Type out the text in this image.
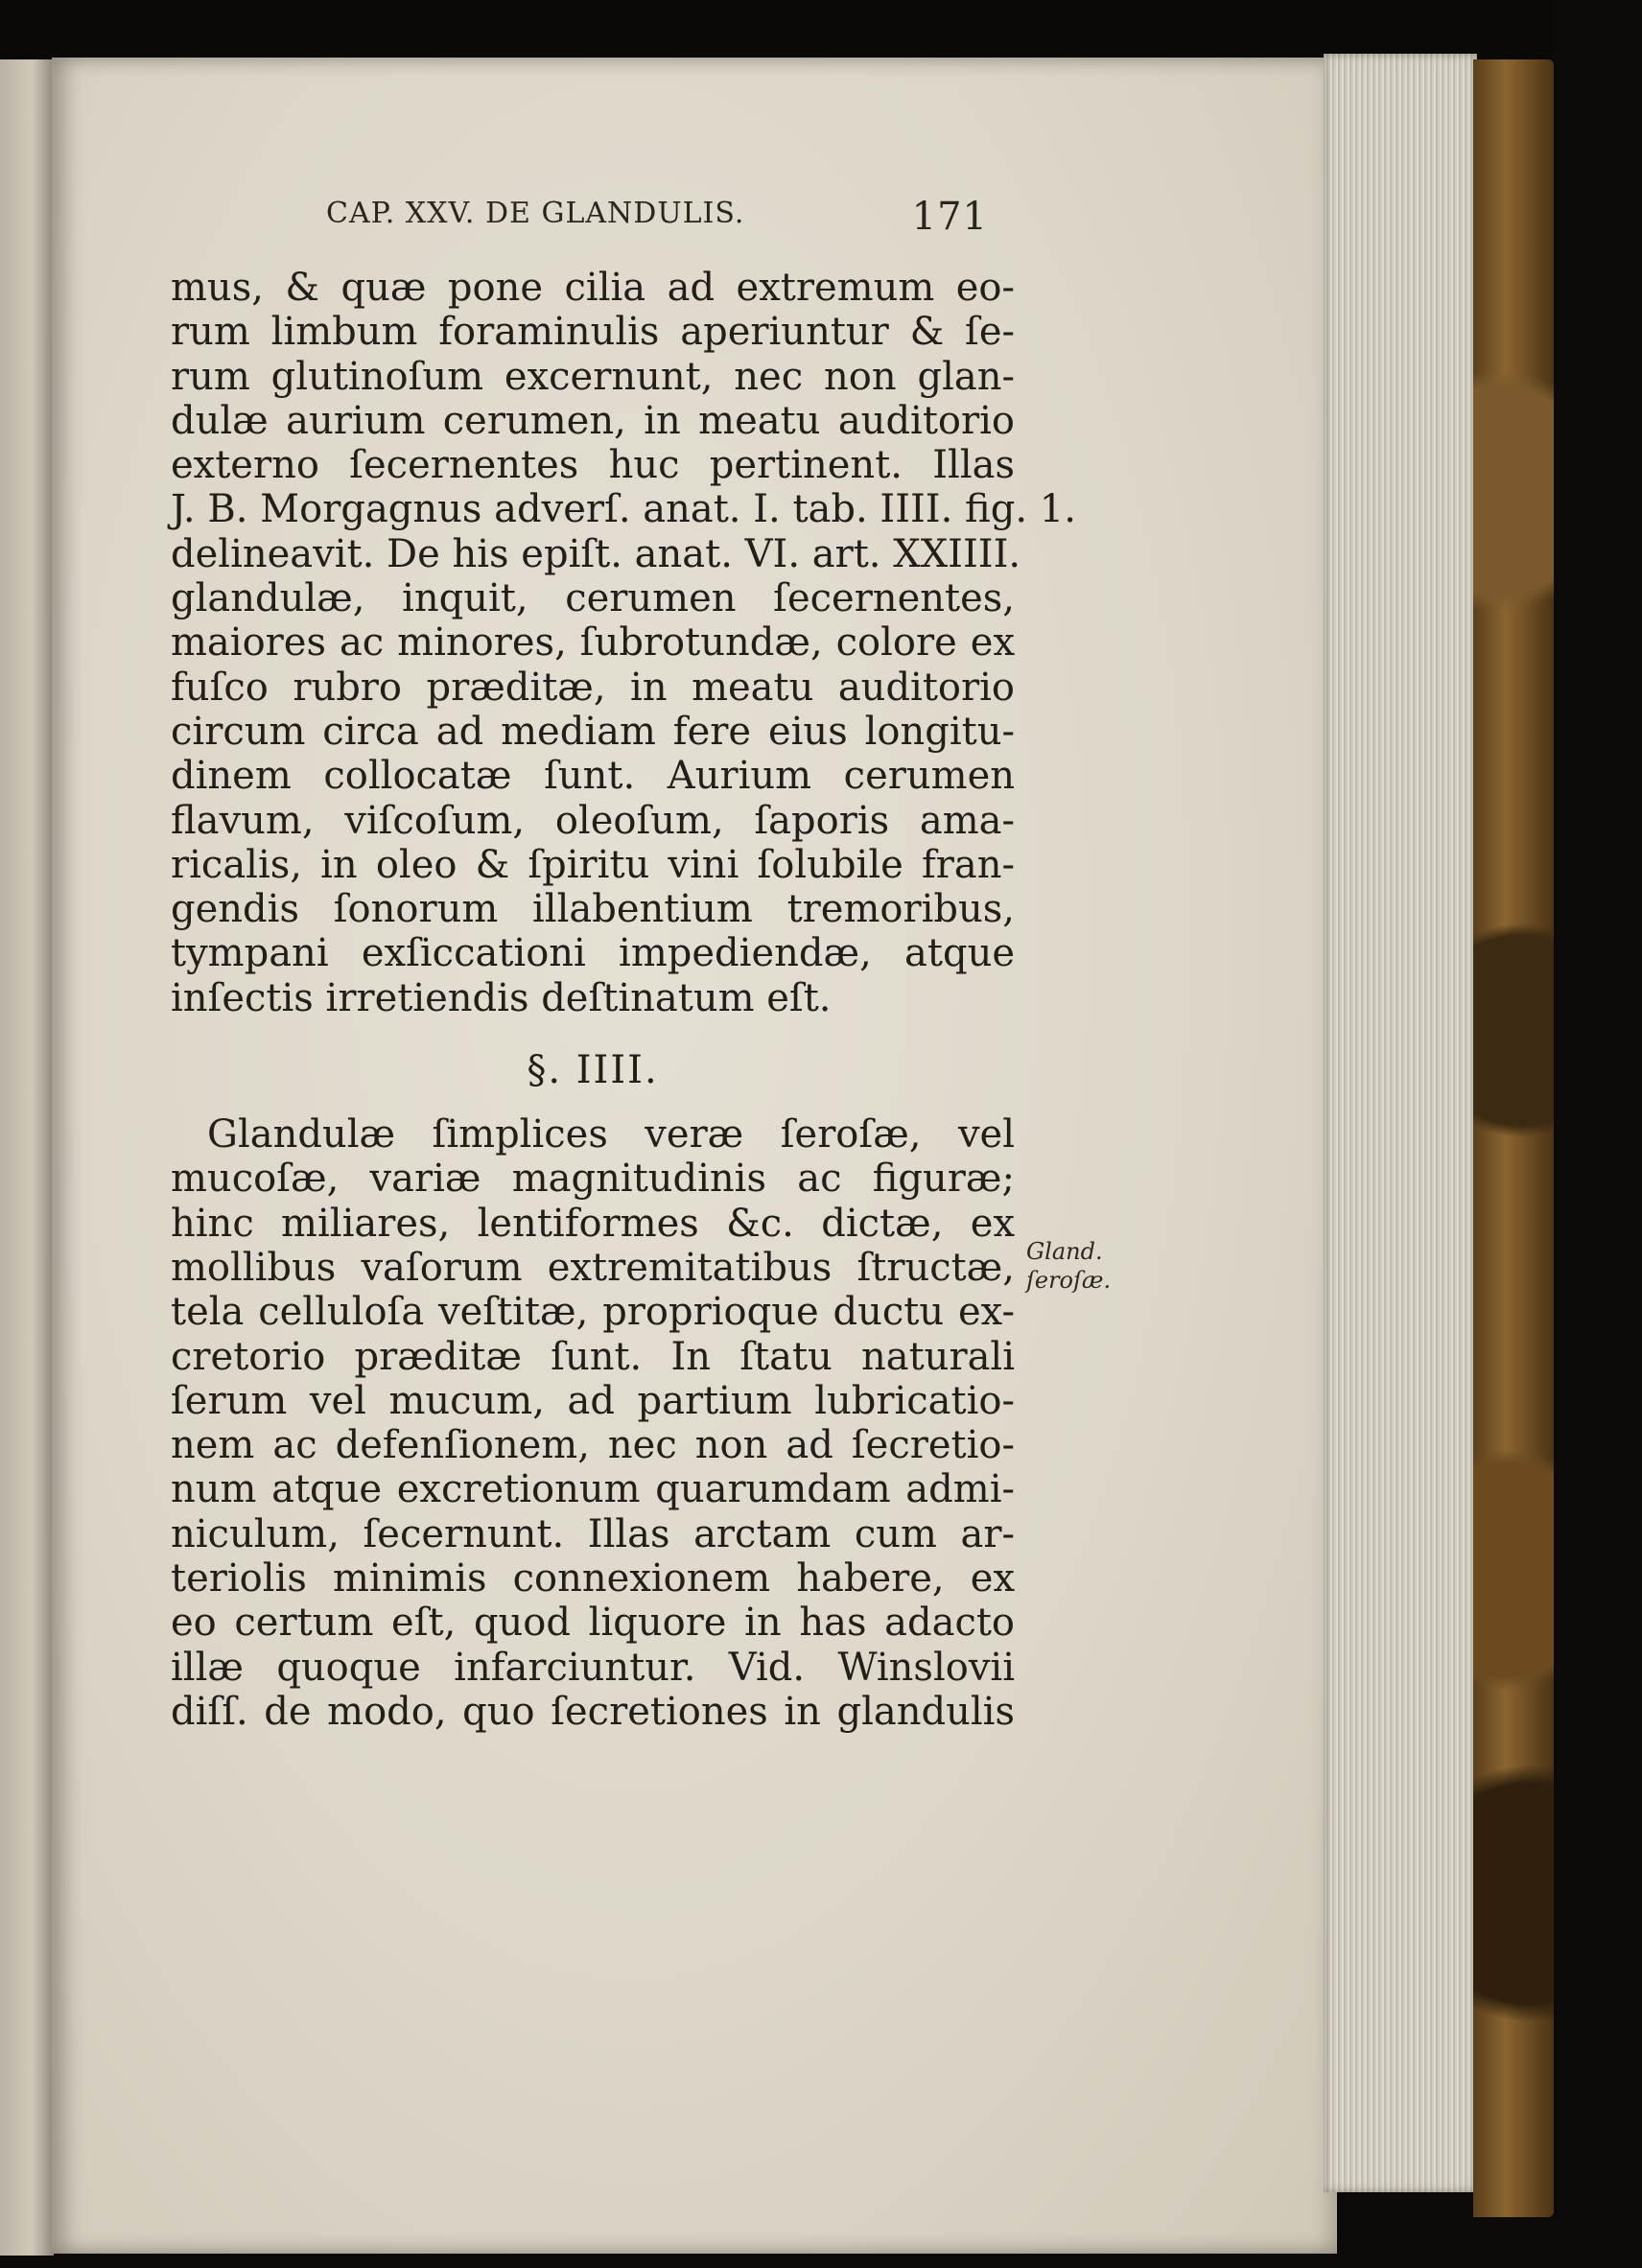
CAP. XXV. DE GLANDULIS.	171
mus, & quæ pone cilia ad extremum eo-
rum limbum foraminulis aperiuntur & ſe-
rum glutinoſum excernunt, nec non glan-
dulæ aurium cerumen, in meatu auditorio
externo ſecernentes huc pertinent. Illas
J. B. Morgagnus adverſ. anat. I. tab. IIII. fig. 1.
delineavit. De his epiſt. anat. VI. art. XXIIII.
glandulæ, inquit, cerumen ſecernentes,
maiores ac minores, ſubrotundæ, colore ex
fuſco rubro præditæ, in meatu auditorio
circum circa ad mediam fere eius longitu-
dinem collocatæ ſunt. Aurium cerumen
flavum, viſcoſum, oleoſum, ſaporis ama-
ricalis, in oleo & ſpiritu vini ſolubile fran-
gendis ſonorum illabentium tremoribus,
tympani exſiccationi impediendæ, atque
inſectis irretiendis deſtinatum eſt.
§. IIII.
Glandulæ ſimplices veræ ſeroſæ, vel
mucoſæ, variæ magnitudinis ac figuræ;
hinc miliares, lentiformes &c. dictæ, ex
mollibus vaſorum extremitatibus ſtructæ,
tela celluloſa veſtitæ, proprioque ductu ex-
cretorio præditæ ſunt. In ſtatu naturali
ſerum vel mucum, ad partium lubricatio-
nem ac defenſionem, nec non ad ſecretio-
num atque excretionum quarumdam admi-
niculum, ſecernunt. Illas arctam cum ar-
teriolis minimis connexionem habere, ex
eo certum eſt, quod liquore in has adacto
illæ quoque infarciuntur. Vid. Winslovii
diſſ. de modo, quo ſecretiones in glandulis
Gland.
ſeroſæ.
